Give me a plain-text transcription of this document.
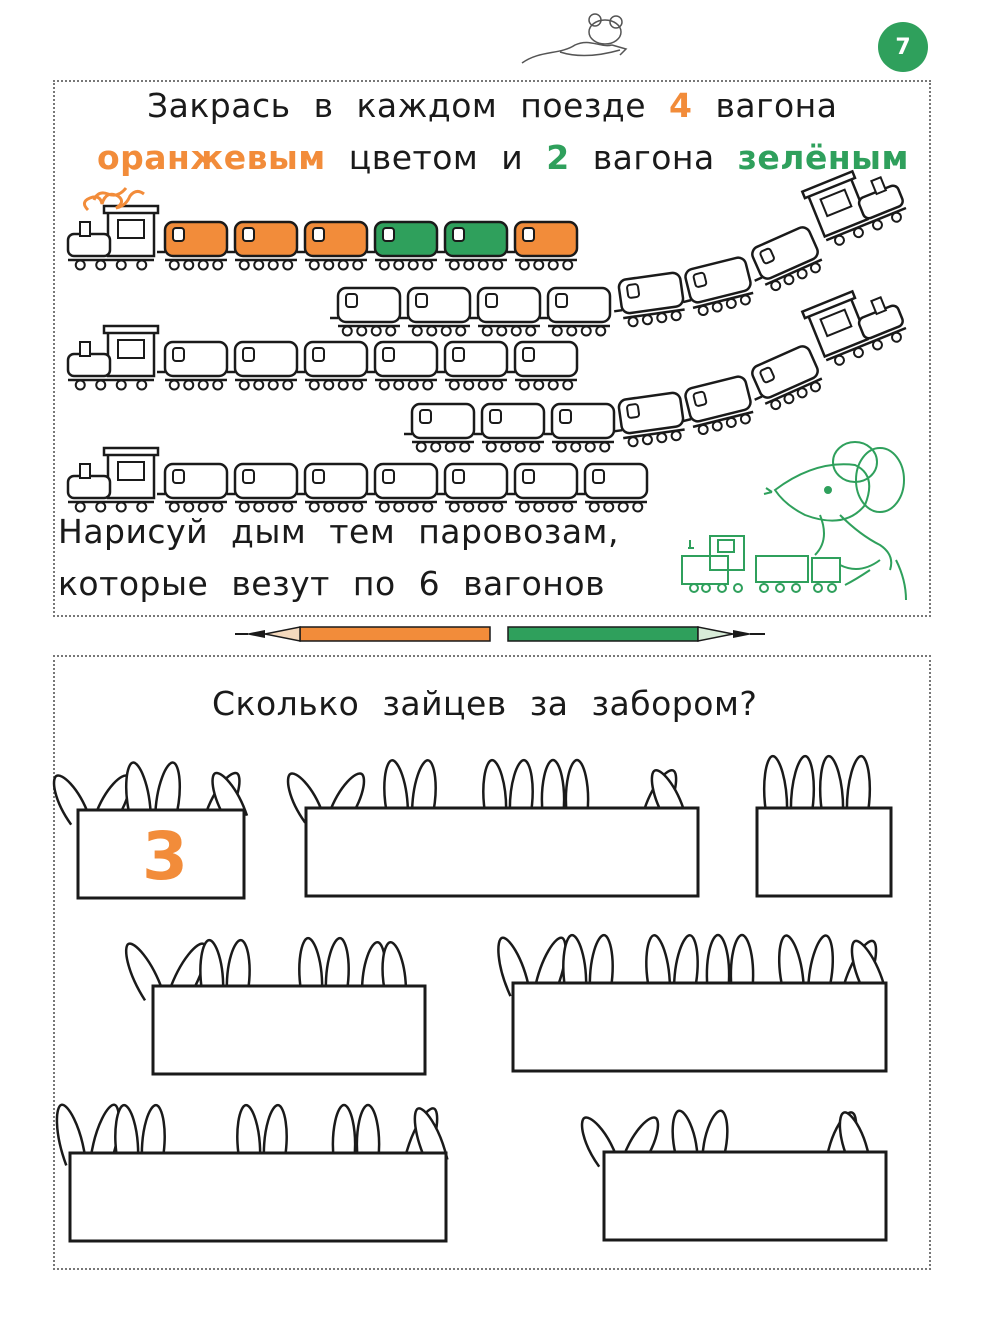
7
Закрась в каждом поезде 4 вагона
оранжевым цветом и 2 вагона зелёным
Нарисуй дым тем паровозам,
которые везут по 6 вагонов
Сколько зайцев за забором?
3
